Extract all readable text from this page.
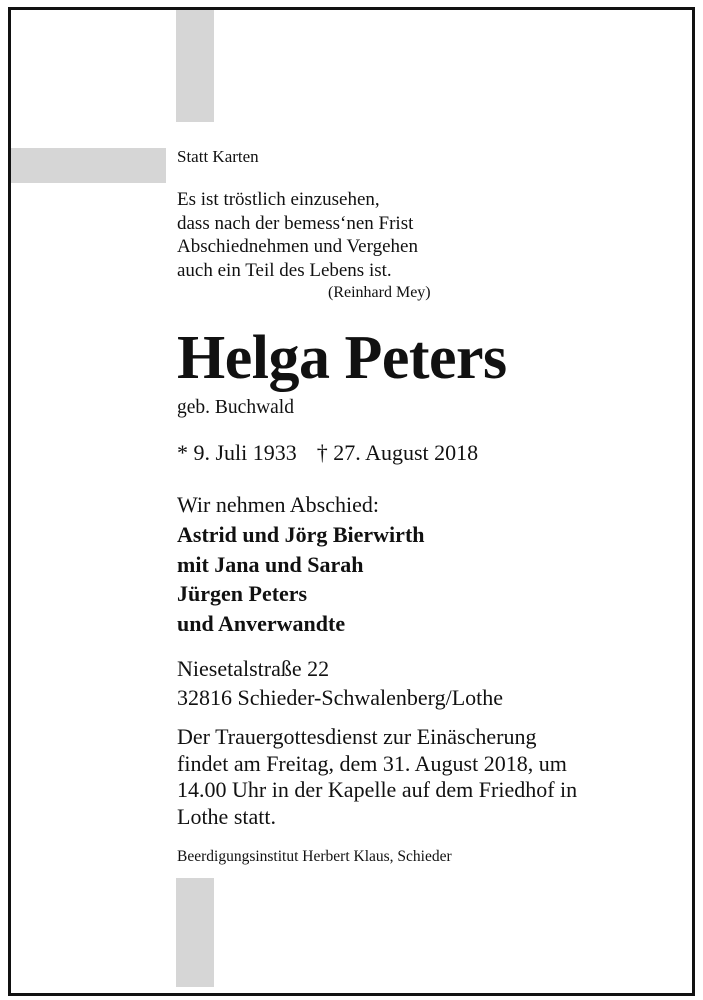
Statt Karten
Es ist tröstlich einzusehen,
dass nach der bemess‘nen Frist
Abschiednehmen und Vergehen
auch ein Teil des Lebens ist.
(Reinhard Mey)
Helga Peters
geb. Buchwald
* 9. Juli 1933 † 27. August 2018
Wir nehmen Abschied:
Astrid und Jörg Bierwirth
mit Jana und Sarah
Jürgen Peters
und Anverwandte
Niesetalstraße 22
32816 Schieder-Schwalenberg/Lothe
Der Trauergottesdienst zur Einäscherung
findet am Freitag, dem 31. August 2018, um
14.00 Uhr in der Kapelle auf dem Friedhof in
Lothe statt.
Beerdigungsinstitut Herbert Klaus, Schieder
